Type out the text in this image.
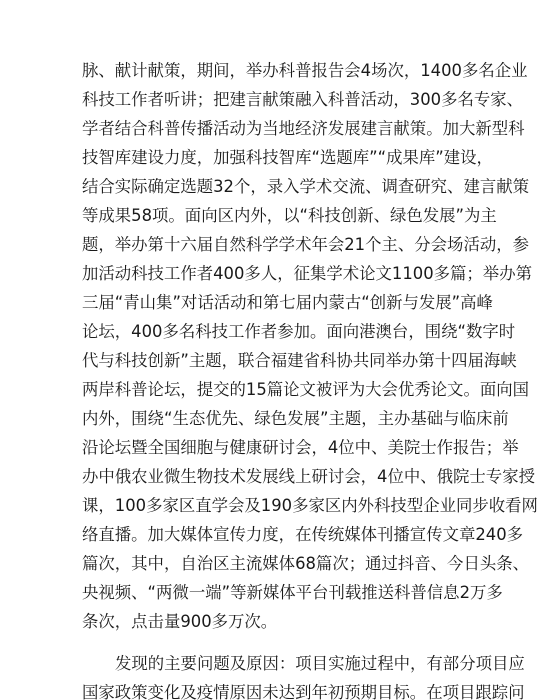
脉、献计献策，期间，举办科普报告会4场次，1400多名企业
科技工作者听讲；把建言献策融入科普活动，300多名专家、
学者结合科普传播活动为当地经济发展建言献策。加大新型科
技智库建设力度，加强科技智库“选题库”“成果库”建设，
结合实际确定选题32个，录入学术交流、调查研究、建言献策
等成果58项。面向区内外，以“科技创新、绿色发展”为主
题，举办第十六届自然科学学术年会21个主、分会场活动，参
加活动科技工作者400多人，征集学术论文1100多篇；举办第
三届“青山集”对话活动和第七届内蒙古“创新与发展”高峰
论坛，400多名科技工作者参加。面向港澳台，围绕“数字时
代与科技创新”主题，联合福建省科协共同举办第十四届海峡
两岸科普论坛，提交的15篇论文被评为大会优秀论文。面向国
内外，围绕“生态优先、绿色发展”主题，主办基础与临床前
沿论坛暨全国细胞与健康研讨会，4位中、美院士作报告；举
办中俄农业微生物技术发展线上研讨会，4位中、俄院士专家授
课，100多家区直学会及190多家区内外科技型企业同步收看网
络直播。加大媒体宣传力度，在传统媒体刊播宣传文章240多
篇次，其中，自治区主流媒体68篇次；通过抖音、今日头条、
央视频、“两微一端”等新媒体平台刊载推送科普信息2万多
条次，点击量900多万次。
发现的主要问题及原因：项目实施过程中，有部分项目应
国家政策变化及疫情原因未达到年初预期目标。在项目跟踪问
